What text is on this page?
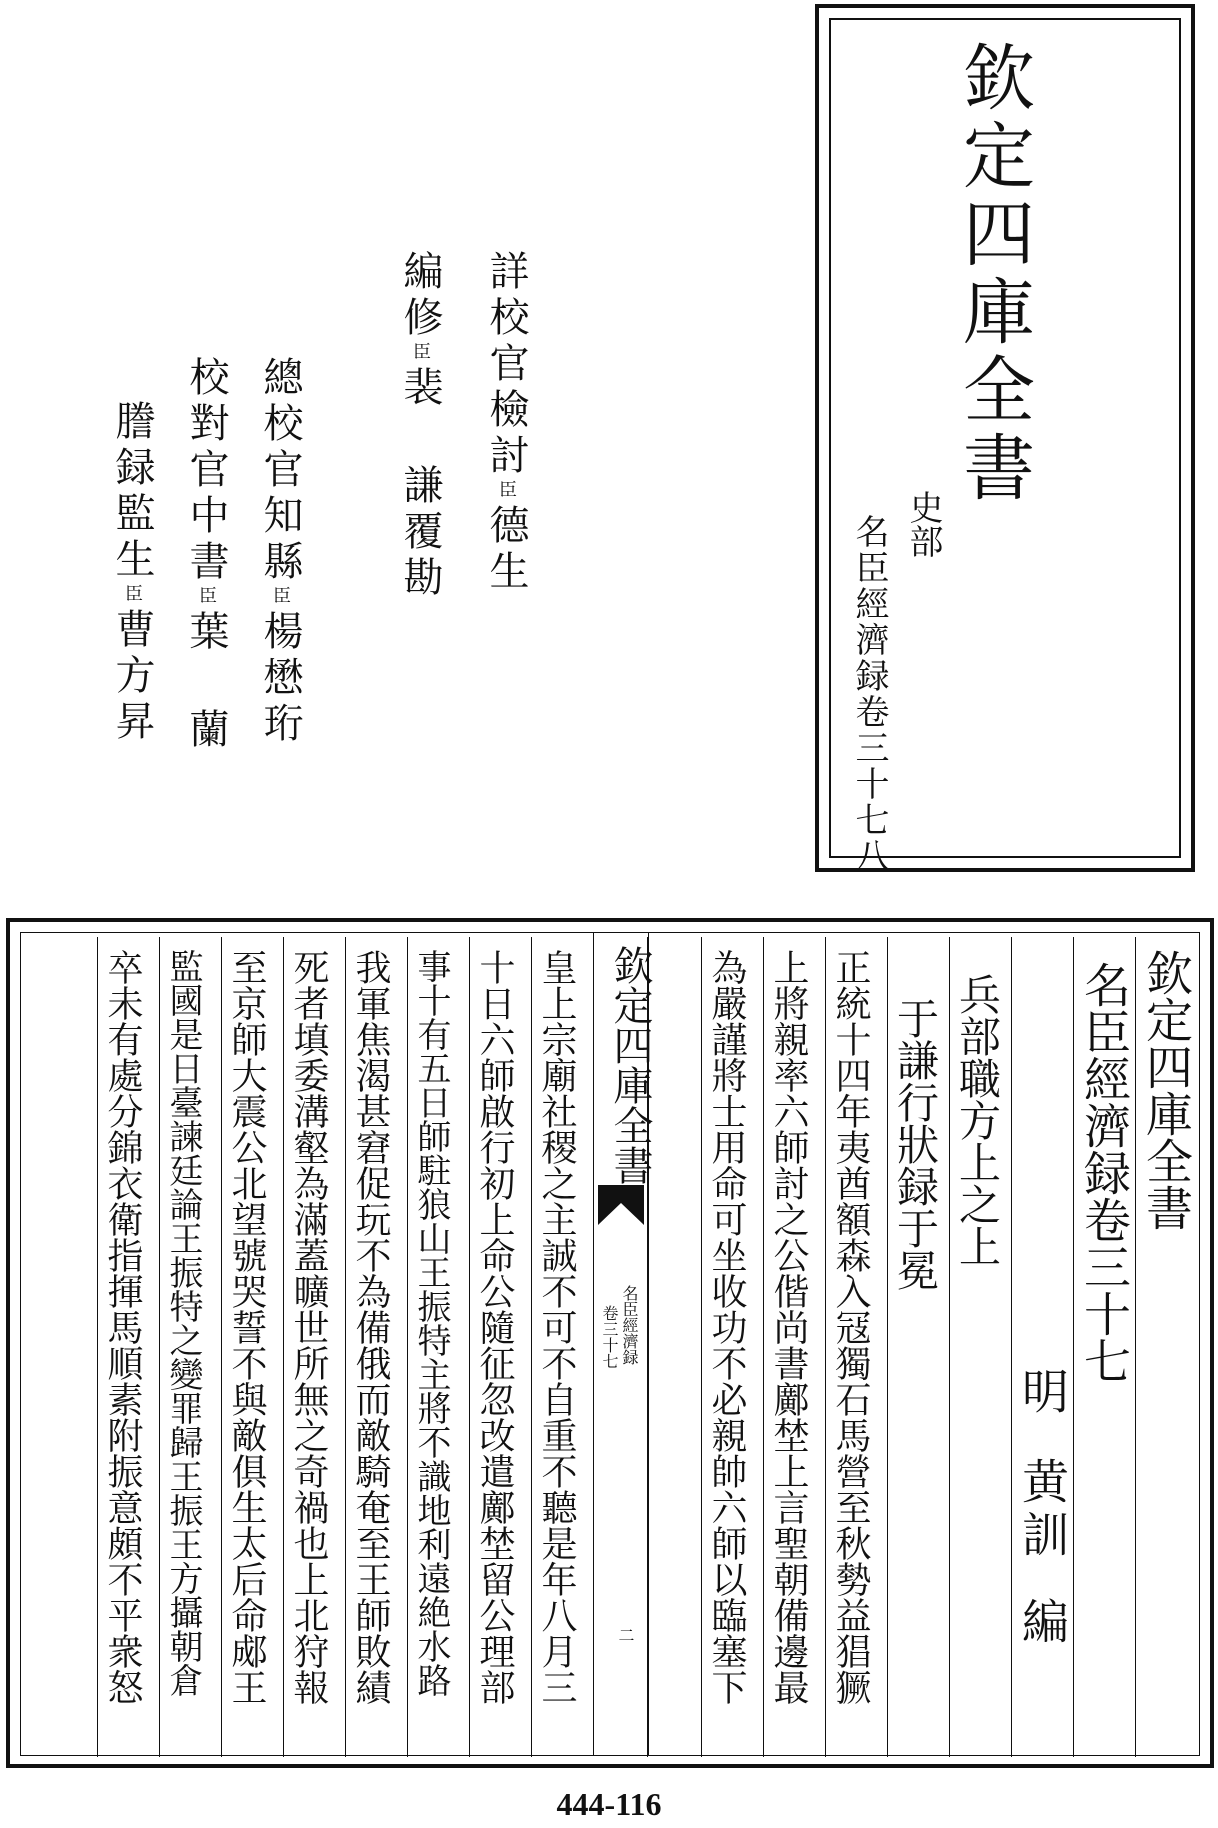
欽定四庫全書
史部
名臣經濟録卷三十七八
詳校官檢討臣德生
編修臣裴 謙覆勘
總校官知縣臣楊懋珩
校對官中書臣葉 蘭
謄録監生臣曹方昇
欽定四庫全書
名臣經濟録卷三十七
明
黄訓
編
兵部職方上之上
于謙行狀録于冕
正統十四年夷酋額森入冦獨石馬營至秋勢益猖獗
上將親率六師討之公偕尚書鄺埜上言聖朝備邊最
為嚴謹將士用命可坐收功不必親帥六師以臨塞下
欽定四庫全書
名臣經濟録
卷三十七
二
皇上宗廟社稷之主誠不可不自重不聽是年八月三
十日六師啟行初上命公隨征忽改遣鄺埜留公理部
事十有五日師駐狼山王振特主將不識地利遠絶水路
我軍焦渴甚窘促玩不為備俄而敵騎奄至王師敗績
死者填委溝壑為滿蓋曠世所無之奇禍也上北狩報
至京師大震公北望號哭誓不與敵俱生太后命郕王
監國是日臺諫廷論王振特之變罪歸王振王方攝朝倉
卒未有處分錦衣衛指揮馬順素附振意頗不平衆怒
444-116
